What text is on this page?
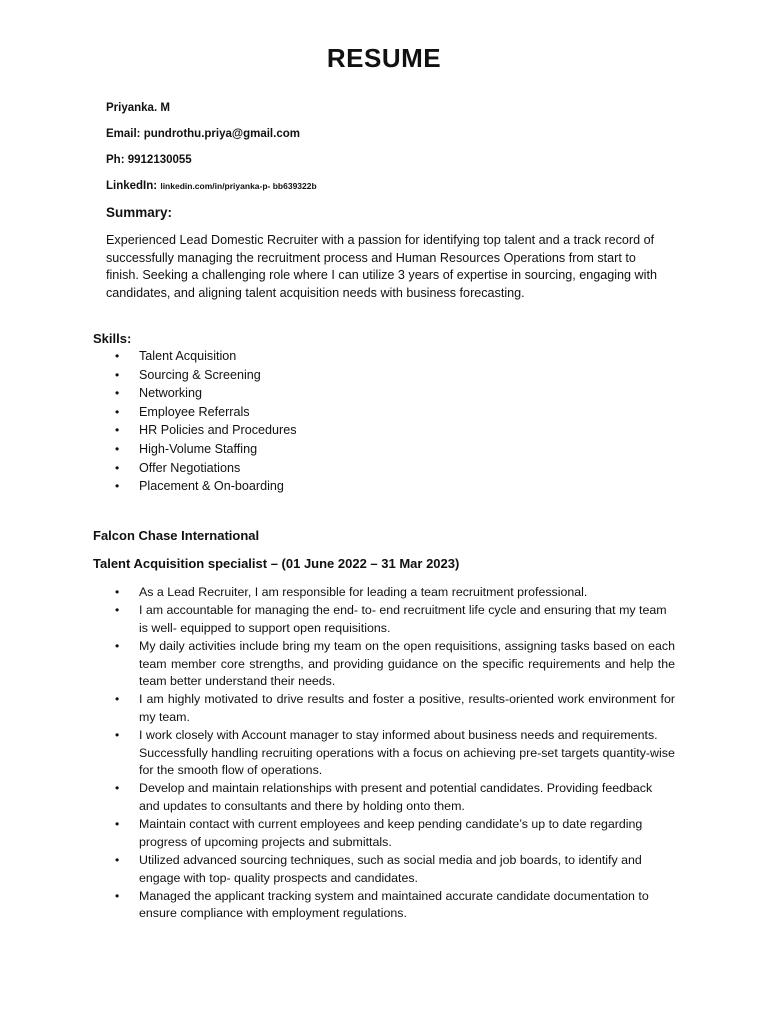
RESUME
Priyanka. M
Email: pundrothu.priya@gmail.com
Ph: 9912130055
LinkedIn: linkedin.com/in/priyanka-p- bb639322b
Summary:
Experienced Lead Domestic Recruiter with a passion for identifying top talent and a track record of successfully managing the recruitment process and Human Resources Operations from start to finish. Seeking a challenging role where I can utilize 3 years of expertise in sourcing, engaging with candidates, and aligning talent acquisition needs with business forecasting.
Skills:
• Talent Acquisition
• Sourcing & Screening
• Networking
• Employee Referrals
• HR Policies and Procedures
• High-Volume Staffing
• Offer Negotiations
• Placement & On-boarding
Falcon Chase International
Talent Acquisition specialist – (01 June 2022 – 31 Mar 2023)
• As a Lead Recruiter, I am responsible for leading a team recruitment professional.
• I am accountable for managing the end- to- end recruitment life cycle and ensuring that my team is well- equipped to support open requisitions.
• My daily activities include bring my team on the open requisitions, assigning tasks based on each team member core strengths, and providing guidance on the specific requirements and help the team better understand their needs.
• I am highly motivated to drive results and foster a positive, results-oriented work environment for my team.
• I work closely with Account manager to stay informed about business needs and requirements. Successfully handling recruiting operations with a focus on achieving pre-set targets quantity-wise for the smooth flow of operations.
• Develop and maintain relationships with present and potential candidates. Providing feedback and updates to consultants and there by holding onto them.
• Maintain contact with current employees and keep pending candidate’s up to date regarding progress of upcoming projects and submittals.
• Utilized advanced sourcing techniques, such as social media and job boards, to identify and engage with top- quality prospects and candidates.
• Managed the applicant tracking system and maintained accurate candidate documentation to ensure compliance with employment regulations.
